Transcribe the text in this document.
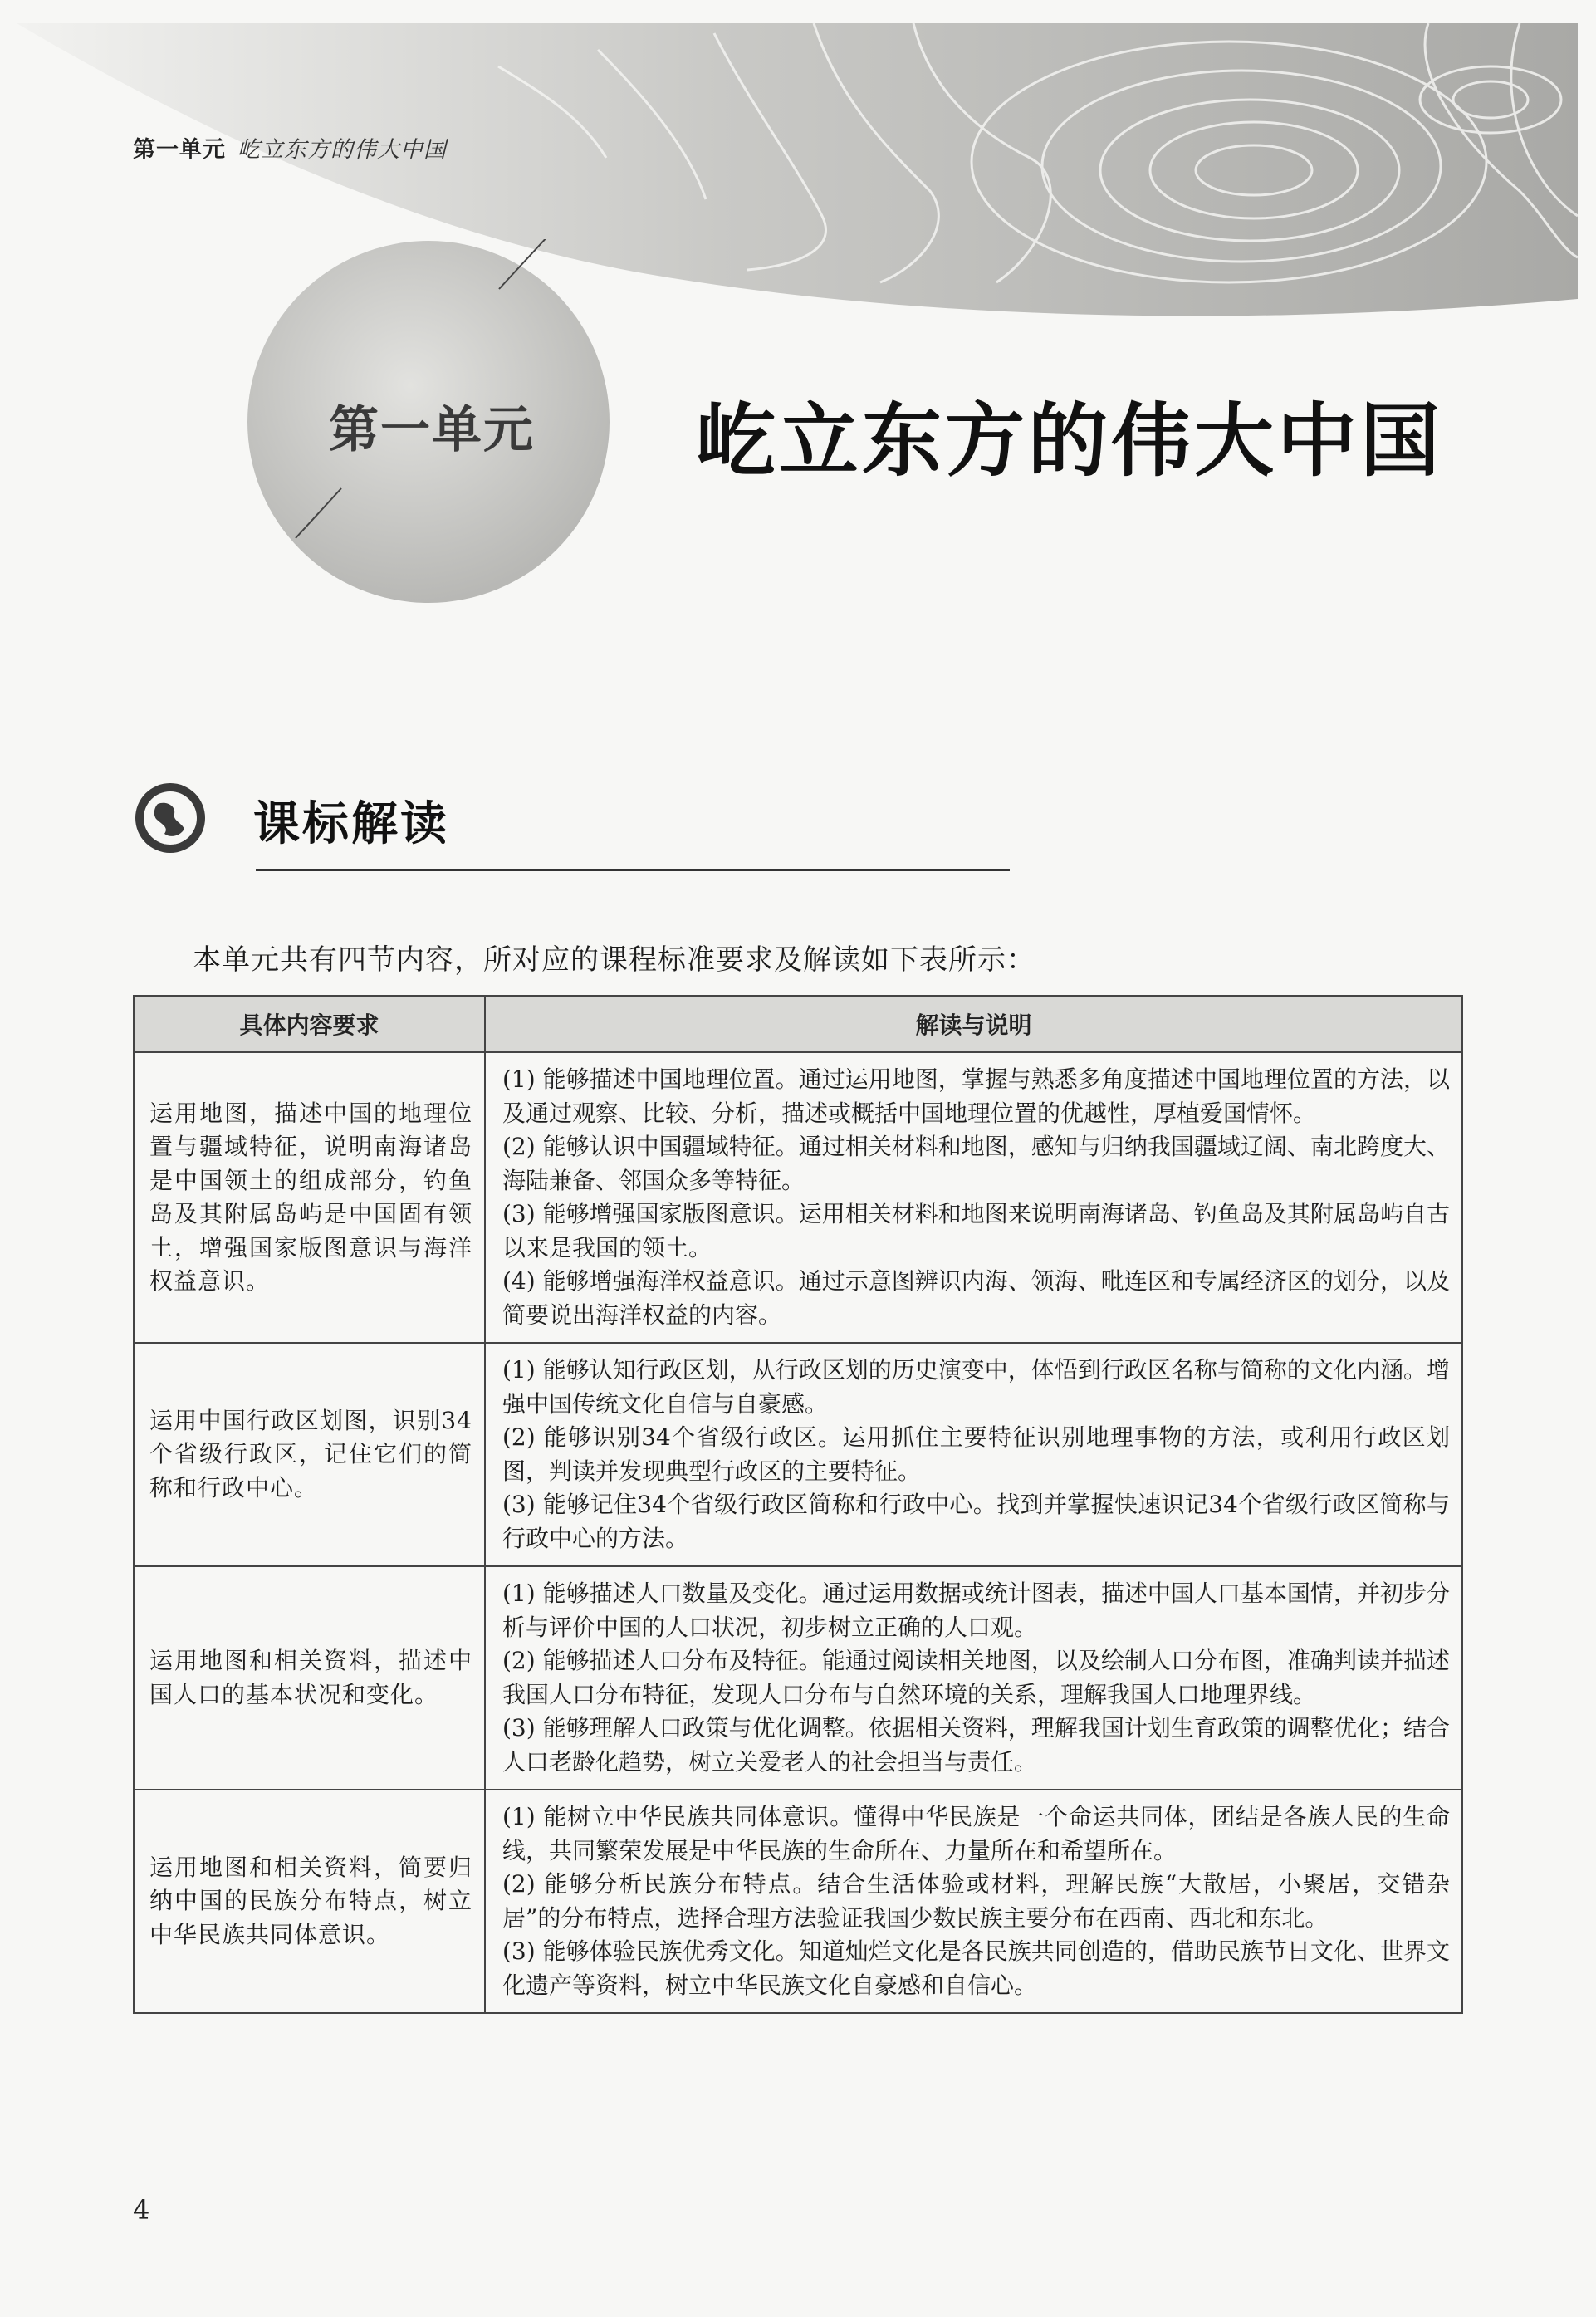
第一单元 屹立东方的伟大中国
第一单元 屹立东方的伟大中国
课标解读
本单元共有四节内容，所对应的课程标准要求及解读如下表所示：
具体内容要求	解读与说明
运用地图，描述中国的地理位置与疆域特征，说明南海诸岛是中国领土的组成部分，钓鱼岛及其附属岛屿是中国固有领土，增强国家版图意识与海洋权益意识。	(1) 能够描述中国地理位置。通过运用地图，掌握与熟悉多角度描述中国地理位置的方法，以及通过观察、比较、分析，描述或概括中国地理位置的优越性，厚植爱国情怀。
(2) 能够认识中国疆域特征。通过相关材料和地图，感知与归纳我国疆域辽阔、南北跨度大、海陆兼备、邻国众多等特征。
(3) 能够增强国家版图意识。运用相关材料和地图来说明南海诸岛、钓鱼岛及其附属岛屿自古以来是我国的领土。
(4) 能够增强海洋权益意识。通过示意图辨识内海、领海、毗连区和专属经济区的划分，以及简要说出海洋权益的内容。

运用中国行政区划图，识别34个省级行政区，记住它们的简称和行政中心。	(1) 能够认知行政区划，从行政区划的历史演变中，体悟到行政区名称与简称的文化内涵。增强中国传统文化自信与自豪感。
(2) 能够识别34个省级行政区。运用抓住主要特征识别地理事物的方法，或利用行政区划图，判读并发现典型行政区的主要特征。
(3) 能够记住34个省级行政区简称和行政中心。找到并掌握快速识记34个省级行政区简称与行政中心的方法。

运用地图和相关资料，描述中国人口的基本状况和变化。	(1) 能够描述人口数量及变化。通过运用数据或统计图表，描述中国人口基本国情，并初步分析与评价中国的人口状况，初步树立正确的人口观。
(2) 能够描述人口分布及特征。能通过阅读相关地图，以及绘制人口分布图，准确判读并描述我国人口分布特征，发现人口分布与自然环境的关系，理解我国人口地理界线。
(3) 能够理解人口政策与优化调整。依据相关资料，理解我国计划生育政策的调整优化；结合人口老龄化趋势，树立关爱老人的社会担当与责任。

运用地图和相关资料，简要归纳中国的民族分布特点，树立中华民族共同体意识。	(1) 能树立中华民族共同体意识。懂得中华民族是一个命运共同体，团结是各族人民的生命线，共同繁荣发展是中华民族的生命所在、力量所在和希望所在。
(2) 能够分析民族分布特点。结合生活体验或材料，理解民族“大散居，小聚居，交错杂居”的分布特点，选择合理方法验证我国少数民族主要分布在西南、西北和东北。
(3) 能够体验民族优秀文化。知道灿烂文化是各民族共同创造的，借助民族节日文化、世界文化遗产等资料，树立中华民族文化自豪感和自信心。
4
